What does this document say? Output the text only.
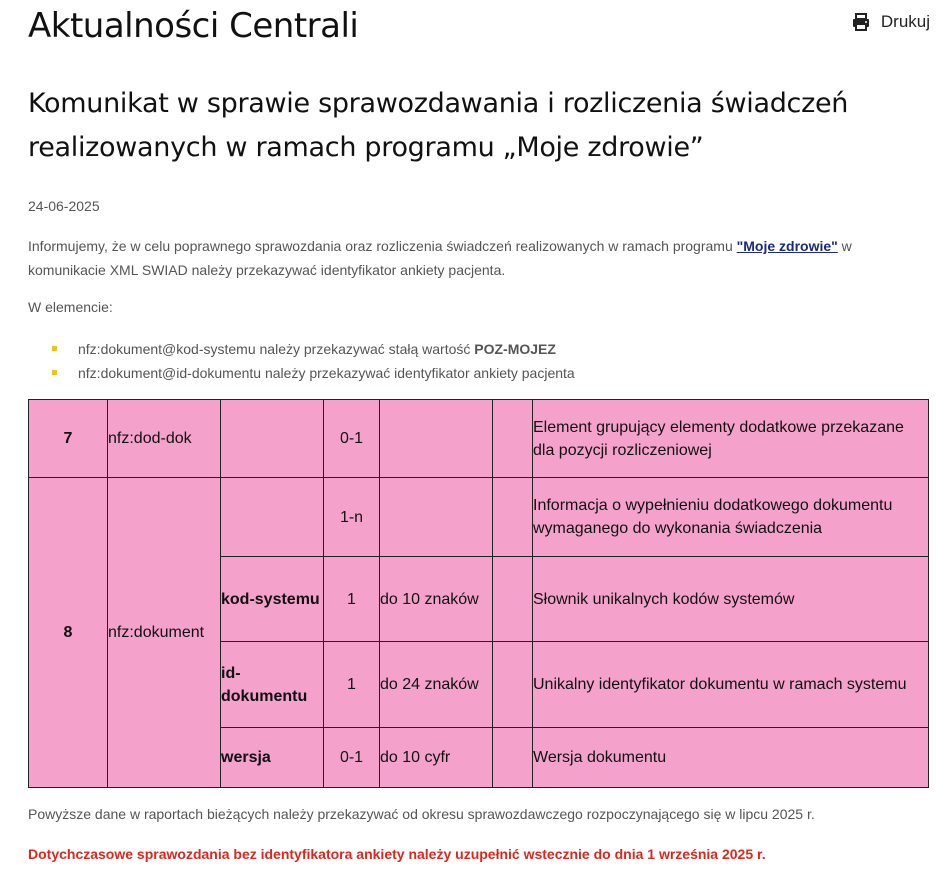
Aktualności Centrali	Drukuj
Komunikat w sprawie sprawozdawania i rozliczenia świadczeń realizowanych w ramach programu „Moje zdrowie”
24-06-2025

Informujemy, że w celu poprawnego sprawozdania oraz rozliczenia świadczeń realizowanych w ramach programu "Moje zdrowie" w komunikacie XML SWIAD należy przekazywać identyfikator ankiety pacjenta.

W elemencie:

nfz:dokument@kod-systemu należy przekazywać stałą wartość POZ-MOJEZ
nfz:dokument@id-dokumentu należy przekazywać identyfikator ankiety pacjenta
7	nfz:dod-dok		0-1			Element grupujący elementy dodatkowe przekazane dla pozycji rozliczeniowej
8	nfz:dokument		1-n			Informacja o wypełnieniu dodatkowego dokumentu wymaganego do wykonania świadczenia
		kod-systemu	1	do 10 znaków		Słownik unikalnych kodów systemów
		id-dokumentu	1	do 24 znaków		Unikalny identyfikator dokumentu w ramach systemu
		wersja	0-1	do 10 cyfr		Wersja dokumentu

Powyższe dane w raportach bieżących należy przekazywać od okresu sprawozdawczego rozpoczynającego się w lipcu 2025 r.

Dotychczasowe sprawozdania bez identyfikatora ankiety należy uzupełnić wstecznie do dnia 1 września 2025 r.
